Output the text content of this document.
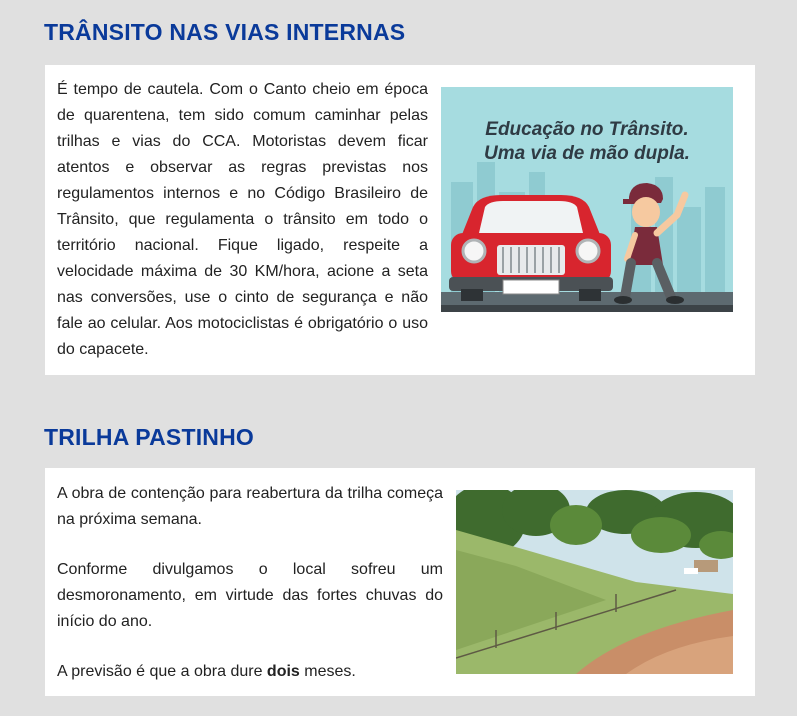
TRÂNSITO NAS VIAS INTERNAS

É tempo de cautela. Com o Canto cheio em época de quarentena, tem sido comum caminhar pelas trilhas e vias do CCA. Motoristas devem ficar atentos e observar as regras previstas nos regulamentos internos e no Código Brasileiro de Trânsito, que regulamenta o trânsito em todo o território nacional. Fique ligado, respeite a velocidade máxima de 30 KM/hora, acione a seta nas conversões, use o cinto de segurança e não fale ao celular. Aos motociclistas é obrigatório o uso do capacete.

Educação no Trânsito.
Uma via de mão dupla.
TRILHA PASTINHO

A obra de contenção para reabertura da trilha começa na próxima semana.

Conforme divulgamos o local sofreu um desmoronamento, em virtude das fortes chuvas do início do ano.

A previsão é que a obra dure dois meses.
